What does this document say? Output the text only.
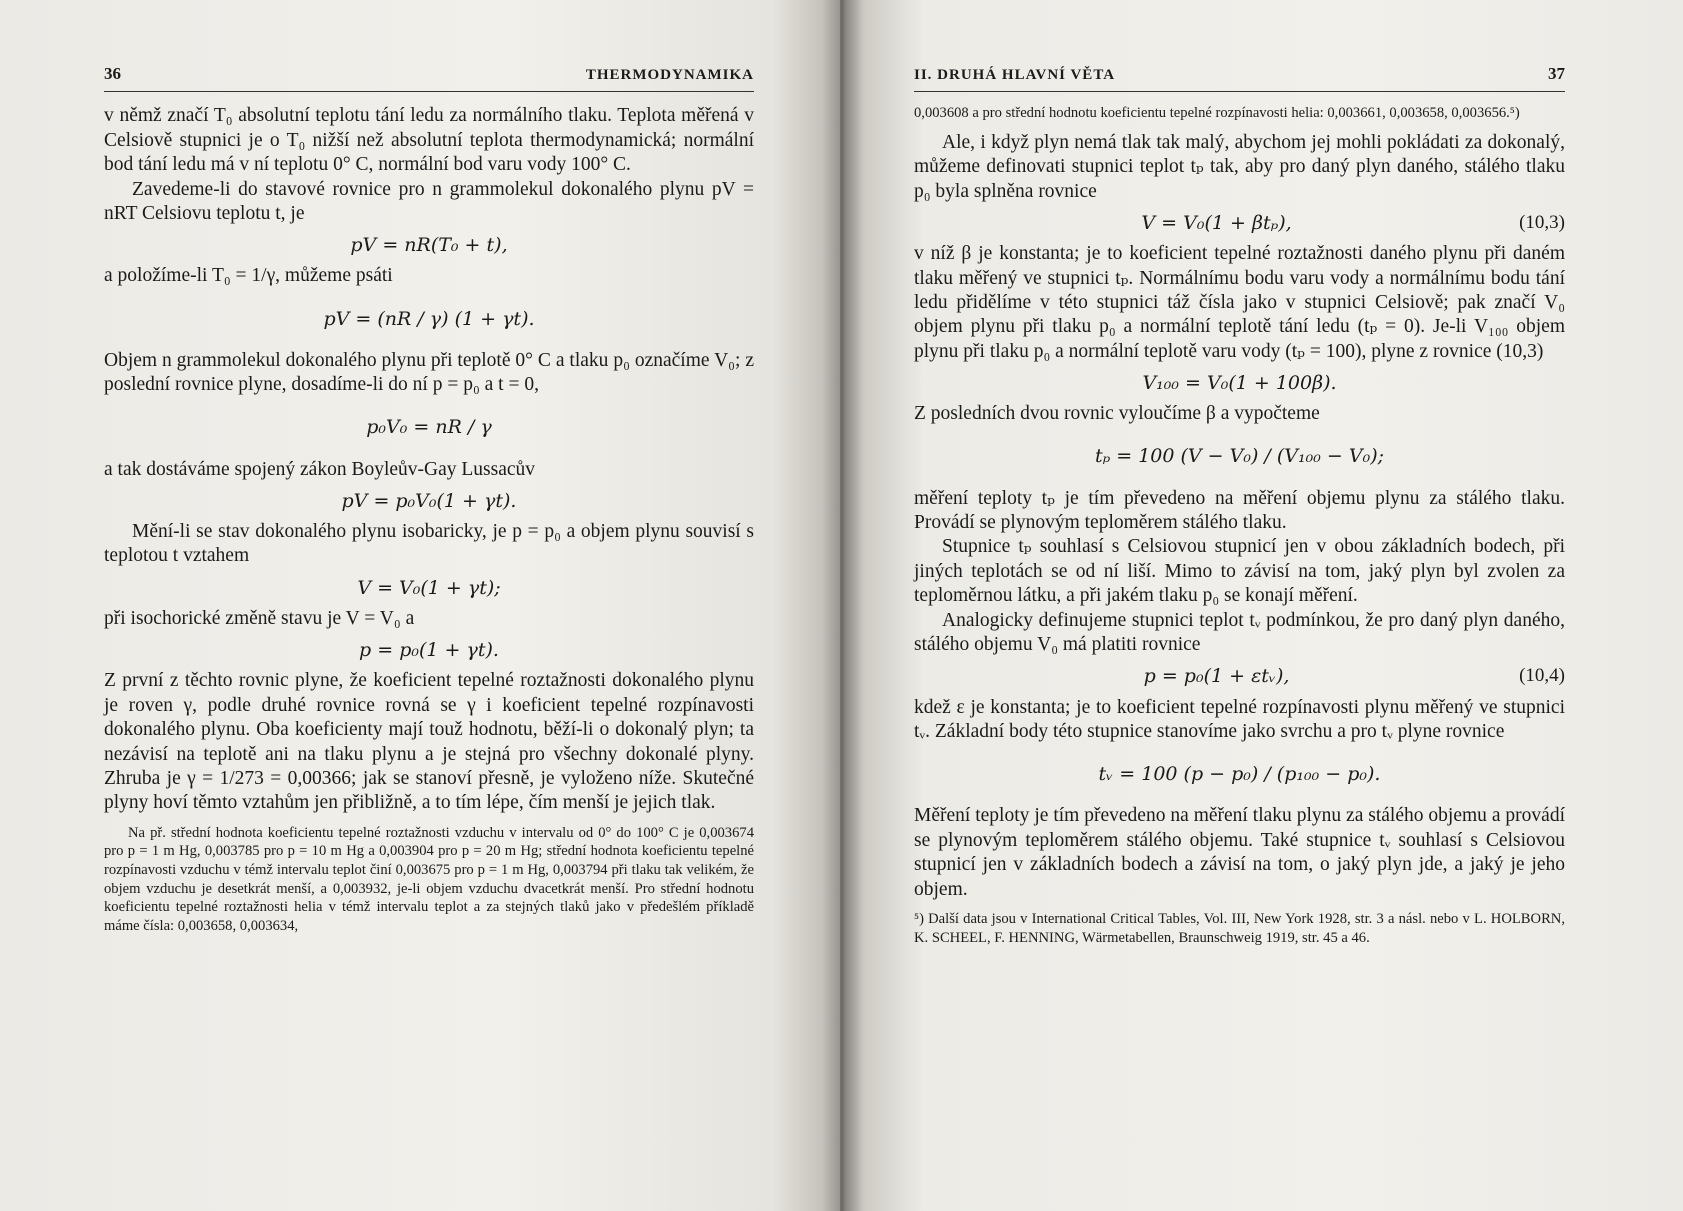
36	THERMODYNAMIKA

v němž značí T₀ absolutní teplotu tání ledu za normálního tlaku. Teplota měřená v Celsiově stupnici je o T₀ nižší než absolutní teplota thermodynamická; normální bod tání ledu má v ní teplotu 0° C, normální bod varu vody 100° C.

Zavedeme-li do stavové rovnice pro n grammolekul dokonalého plynu pV = nRT Celsiovu teplotu t, je

pV = nR(T₀ + t),

a položíme-li T₀ = 1/γ, můžeme psáti

pV = (nR / γ) (1 + γt).

Objem n grammolekul dokonalého plynu při teplotě 0° C a tlaku p₀ označíme V₀; z poslední rovnice plyne, dosadíme-li do ní p = p₀ a t = 0,

p₀V₀ = nR / γ

a tak dostáváme spojený zákon Boyleův-Gay Lussacův

pV = p₀V₀(1 + γt).

Mění-li se stav dokonalého plynu isobaricky, je p = p₀ a objem plynu souvisí s teplotou t vztahem

V = V₀(1 + γt);

při isochorické změně stavu je V = V₀ a

p = p₀(1 + γt).

Z první z těchto rovnic plyne, že koeficient tepelné roztažnosti dokonalého plynu je roven γ, podle druhé rovnice rovná se γ i koeficient tepelné rozpínavosti dokonalého plynu. Oba koeficienty mají touž hodnotu, běží-li o dokonalý plyn; ta nezávisí na teplotě ani na tlaku plynu a je stejná pro všechny dokonalé plyny. Zhruba je γ = 1/273 = 0,00366; jak se stanoví přesně, je vyloženo níže. Skutečné plyny hoví těmto vztahům jen přibližně, a to tím lépe, čím menší je jejich tlak.

Na př. střední hodnota koeficientu tepelné roztažnosti vzduchu v intervalu od 0° do 100° C je 0,003674 pro p = 1 m Hg, 0,003785 pro p = 10 m Hg a 0,003904 pro p = 20 m Hg; střední hodnota koeficientu tepelné rozpínavosti vzduchu v témž intervalu teplot činí 0,003675 pro p = 1 m Hg, 0,003794 při tlaku tak velikém, že objem vzduchu je desetkrát menší, a 0,003932, je-li objem vzduchu dvacetkrát menší. Pro střední hodnotu koeficientu tepelné roztažnosti helia v témž intervalu teplot a za stejných tlaků jako v předešlém příkladě máme čísla: 0,003658, 0,003634,

II. DRUHÁ HLAVNÍ VĚTA	37

0,003608 a pro střední hodnotu koeficientu tepelné rozpínavosti helia: 0,003661, 0,003658, 0,003656.⁵)

Ale, i když plyn nemá tlak tak malý, abychom jej mohli pokládati za dokonalý, můžeme definovati stupnici teplot tₚ tak, aby pro daný plyn daného, stálého tlaku p₀ byla splněna rovnice

V = V₀(1 + βtₚ),	(10,3)

v níž β je konstanta; je to koeficient tepelné roztažnosti daného plynu při daném tlaku měřený ve stupnici tₚ. Normálnímu bodu varu vody a normálnímu bodu tání ledu přidělíme v této stupnici táž čísla jako v stupnici Celsiově; pak značí V₀ objem plynu při tlaku p₀ a normální teplotě tání ledu (tₚ = 0). Je-li V₁₀₀ objem plynu při tlaku p₀ a normální teplotě varu vody (tₚ = 100), plyne z rovnice (10,3)

V₁₀₀ = V₀(1 + 100β).

Z posledních dvou rovnic vyloučíme β a vypočteme

tₚ = 100 (V − V₀) / (V₁₀₀ − V₀);

měření teploty tₚ je tím převedeno na měření objemu plynu za stálého tlaku. Provádí se plynovým teploměrem stálého tlaku.

Stupnice tₚ souhlasí s Celsiovou stupnicí jen v obou základních bodech, při jiných teplotách se od ní liší. Mimo to závisí na tom, jaký plyn byl zvolen za teploměrnou látku, a při jakém tlaku p₀ se konají měření.

Analogicky definujeme stupnici teplot tᵥ podmínkou, že pro daný plyn daného, stálého objemu V₀ má platiti rovnice

p = p₀(1 + εtᵥ),	(10,4)

kdež ε je konstanta; je to koeficient tepelné rozpínavosti plynu měřený ve stupnici tᵥ. Základní body této stupnice stanovíme jako svrchu a pro tᵥ plyne rovnice

tᵥ = 100 (p − p₀) / (p₁₀₀ − p₀).

Měření teploty je tím převedeno na měření tlaku plynu za stálého objemu a provádí se plynovým teploměrem stálého objemu. Také stupnice tᵥ souhlasí s Celsiovou stupnicí jen v základních bodech a závisí na tom, o jaký plyn jde, a jaký je jeho objem.

⁵) Další data jsou v International Critical Tables, Vol. III, New York 1928, str. 3 a násl. nebo v L. HOLBORN, K. SCHEEL, F. HENNING, Wärmetabellen, Braunschweig 1919, str. 45 a 46.
